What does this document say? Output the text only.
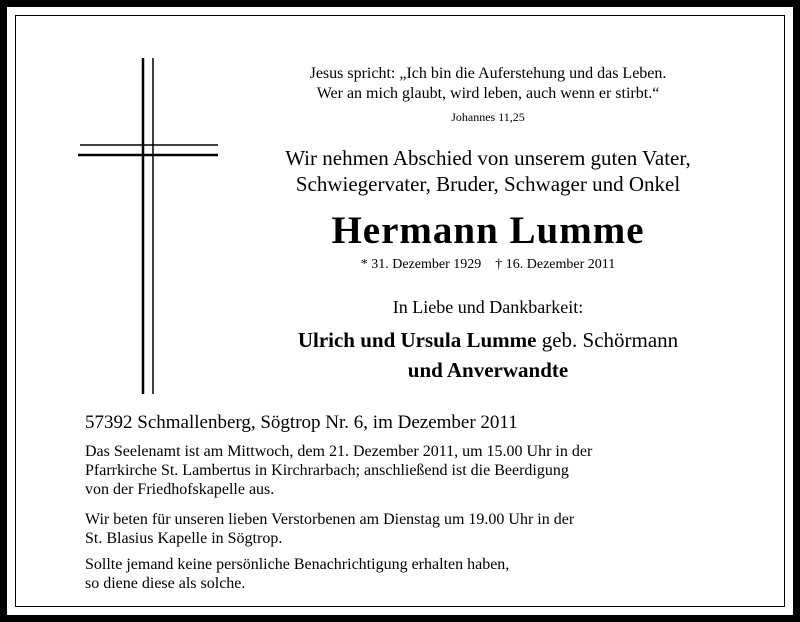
Jesus spricht: „Ich bin die Auferstehung und das Leben.
Wer an mich glaubt, wird leben, auch wenn er stirbt.“
Johannes 11,25
Wir nehmen Abschied von unserem guten Vater,
Schwiegervater, Bruder, Schwager und Onkel
Hermann Lumme
* 31. Dezember 1929 † 16. Dezember 2011
In Liebe und Dankbarkeit:
Ulrich und Ursula Lumme geb. Schörmann
und Anverwandte
57392 Schmallenberg, Sögtrop Nr. 6, im Dezember 2011
Das Seelenamt ist am Mittwoch, dem 21. Dezember 2011, um 15.00 Uhr in der
Pfarrkirche St. Lambertus in Kirchrarbach; anschließend ist die Beerdigung
von der Friedhofskapelle aus.
Wir beten für unseren lieben Verstorbenen am Dienstag um 19.00 Uhr in der
St. Blasius Kapelle in Sögtrop.
Sollte jemand keine persönliche Benachrichtigung erhalten haben,
so diene diese als solche.
